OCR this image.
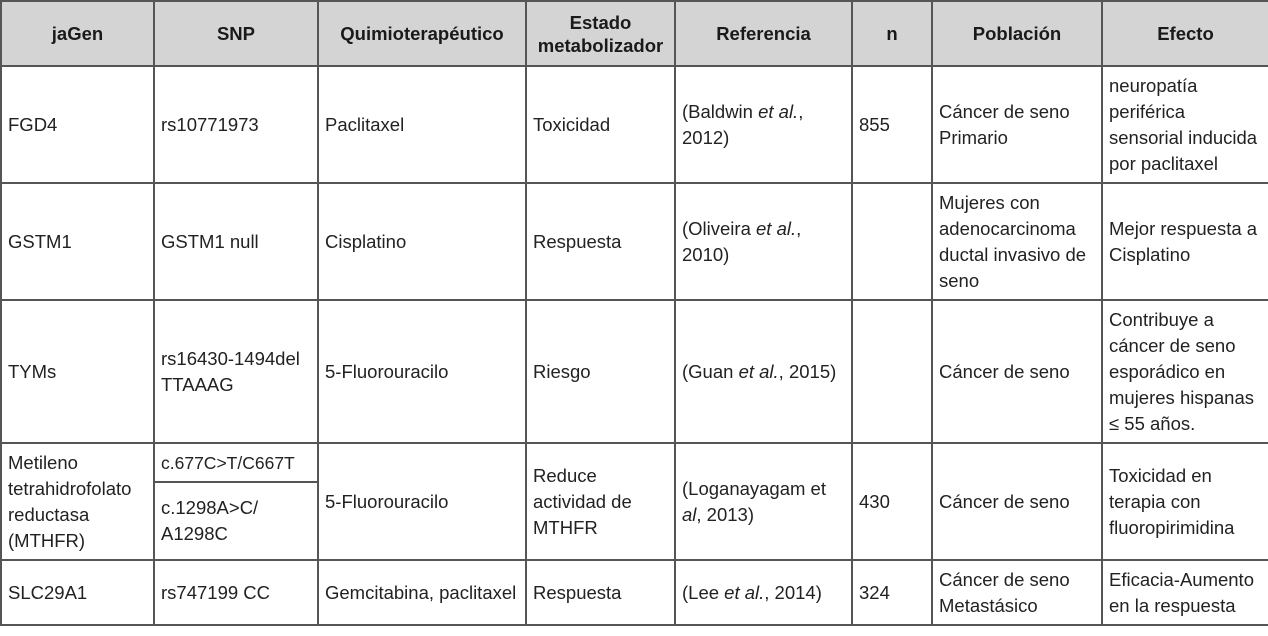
jaGen	SNP	Quimioterapéutico	Estado metabolizador	Referencia	n	Población	Efecto
FGD4	rs10771973	Paclitaxel	Toxicidad	(Baldwin et al., 2012)	855	Cáncer de seno Primario	neuropatía periférica sensorial inducida por paclitaxel
GSTM1	GSTM1 null	Cisplatino	Respuesta	(Oliveira et al., 2010)		Mujeres con adenocarcinoma ductal invasivo de seno	Mejor respuesta a Cisplatino
TYMs	rs16430-1494delTTAAAG	5-Fluorouracilo	Riesgo	(Guan et al., 2015)		Cáncer de seno	Contribuye a cáncer de seno esporádico en mujeres hispanas ≤ 55 años.
Metileno tetrahidrofolato reductasa (MTHFR)	c.677C>T/C667T	5-Fluorouracilo	Reduce actividad de MTHFR	(Loganayagam et al, 2013)	430	Cáncer de seno	Toxicidad en terapia con fluoropirimidina
	c.1298A>C/ A1298C						
SLC29A1	rs747199 CC	Gemcitabina, paclitaxel	Respuesta	(Lee et al., 2014)	324	Cáncer de seno Metastásico	Eficacia-Aumento en la respuesta
